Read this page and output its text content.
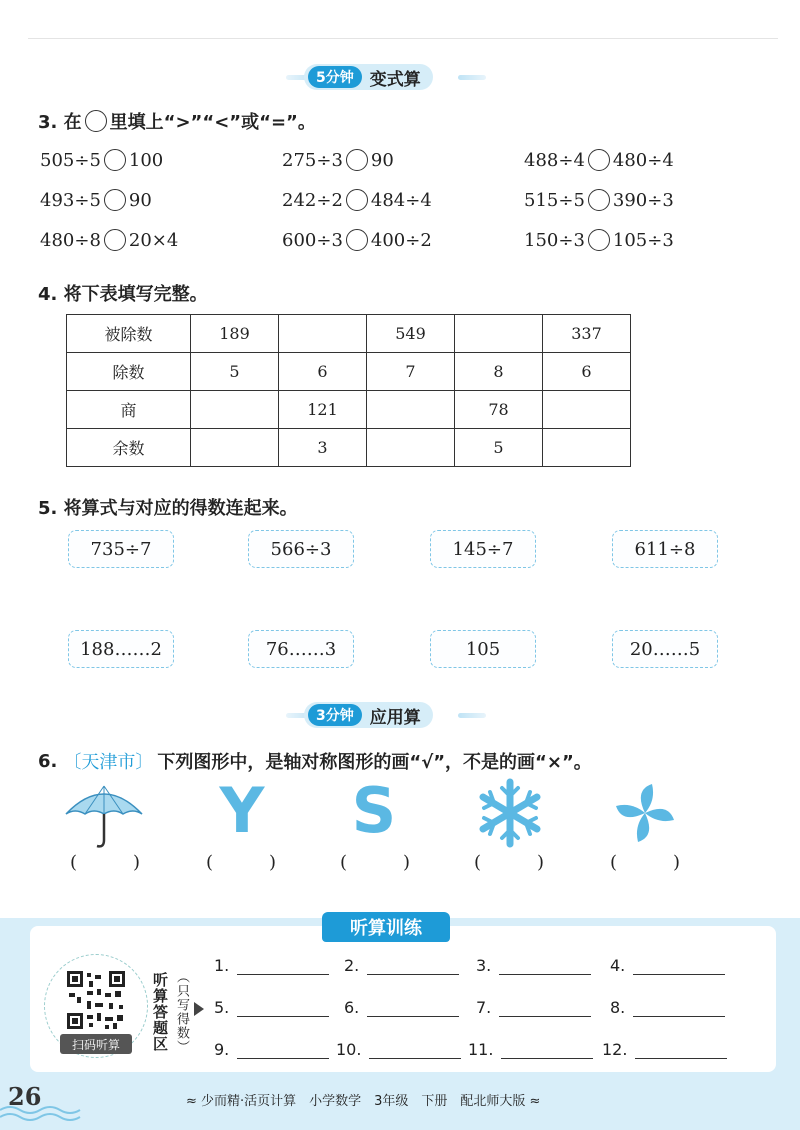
5分钟 变式算
3. 在 里填上“>”“<”或“=”。
505÷5 100	275÷3 90	488÷4 480÷4
493÷5 90	242÷2 484÷4	515÷5 390÷3
480÷8 20×4	600÷3 400÷2	150÷3 105÷3
4. 将下表填写完整。
被除数	189		549		337
除数	5	6	7	8	6
商		121		78	
余数		3		5	
5. 将算式与对应的得数连起来。
735÷7	566÷3	145÷7	611÷8
188……2	76……3	105	20……5
3分钟 应用算
6. 〔天津市〕 下列图形中，是轴对称图形的画“√”，不是的画“×”。
Y S
(	)	(	)	(	)	(	)	(	)
听算训练
扫码听算	听算答题区 （只写得数）
1.	2.	3.	4.
5.	6.	7.	8.
9.	10.	11.	12.
26	≈ 少而精·活页计算　小学数学　3年级　下册　配北师大版 ≈
